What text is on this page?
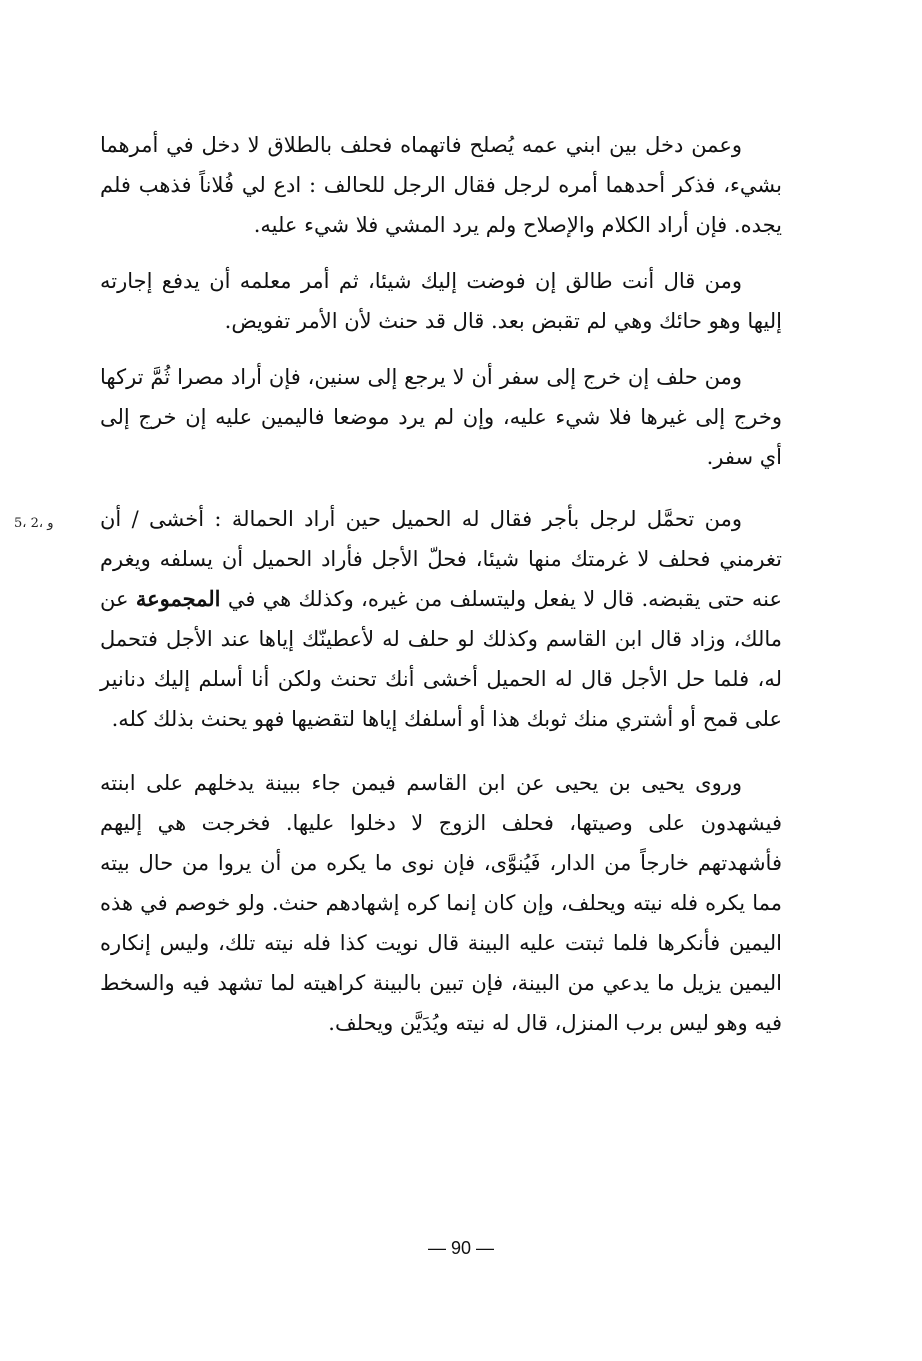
و ،2 ،5

وعمن دخل بين ابني عمه يُصلح فاتهماه فحلف بالطلاق لا دخل في أمرهما بشيء، فذكر أحدهما أمره لرجل فقال الرجل للحالف : ادع لي فُلاناً فذهب فلم يجده. فإن أراد الكلام والإصلاح ولم يرد المشي فلا شيء عليه.

ومن قال أنت طالق إن فوضت إليك شيئا، ثم أمر معلمه أن يدفع إجارته إليها وهو حائك وهي لم تقبض بعد. قال قد حنث لأن الأمر تفويض.

ومن حلف إن خرج إلى سفر أن لا يرجع إلى سنين، فإن أراد مصرا ثُمَّ تركها وخرج إلى غيرها فلا شيء عليه، وإن لم يرد موضعا فاليمين عليه إن خرج إلى أي سفر.

ومن تحمَّل لرجل بأجر فقال له الحميل حين أراد الحمالة : أخشى / أن تغرمني فحلف لا غرمتك منها شيئا، فحلّ الأجل فأراد الحميل أن يسلفه ويغرم عنه حتى يقبضه. قال لا يفعل وليتسلف من غيره، وكذلك هي في المجموعة عن مالك، وزاد قال ابن القاسم وكذلك لو حلف له لأعطينّك إياها عند الأجل فتحمل له، فلما حل الأجل قال له الحميل أخشى أنك تحنث ولكن أنا أسلم إليك دنانير على قمح أو أشتري منك ثوبك هذا أو أسلفك إياها لتقضيها فهو يحنث بذلك كله.

وروى يحيى بن يحيى عن ابن القاسم فيمن جاء ببينة يدخلهم على ابنته فيشهدون على وصيتها، فحلف الزوج لا دخلوا عليها. فخرجت هي إليهم فأشهدتهم خارجاً من الدار، فَيُنوَّى، فإن نوى ما يكره من أن يروا من حال بيته مما يكره فله نيته ويحلف، وإن كان إنما كره إشهادهم حنث. ولو خوصم في هذه اليمين فأنكرها فلما ثبتت عليه البينة قال نويت كذا فله نيته تلك، وليس إنكاره اليمين يزيل ما يدعي من البينة، فإن تبين بالبينة كراهيته لما تشهد فيه والسخط فيه وهو ليس برب المنزل، قال له نيته ويُدَيَّن ويحلف.

— 90 —
